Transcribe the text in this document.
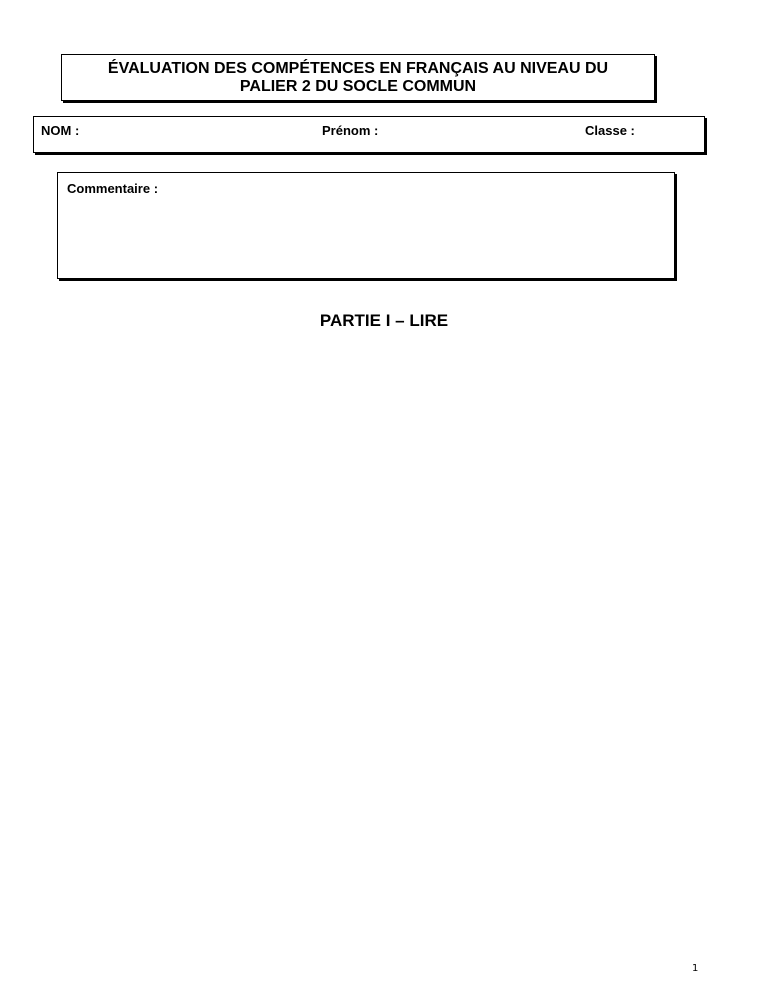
ÉVALUATION DES COMPÉTENCES EN FRANÇAIS AU NIVEAU DU
PALIER 2 DU SOCLE COMMUN
NOM :	Prénom :	Classe :
Commentaire :
PARTIE I – LIRE
1
